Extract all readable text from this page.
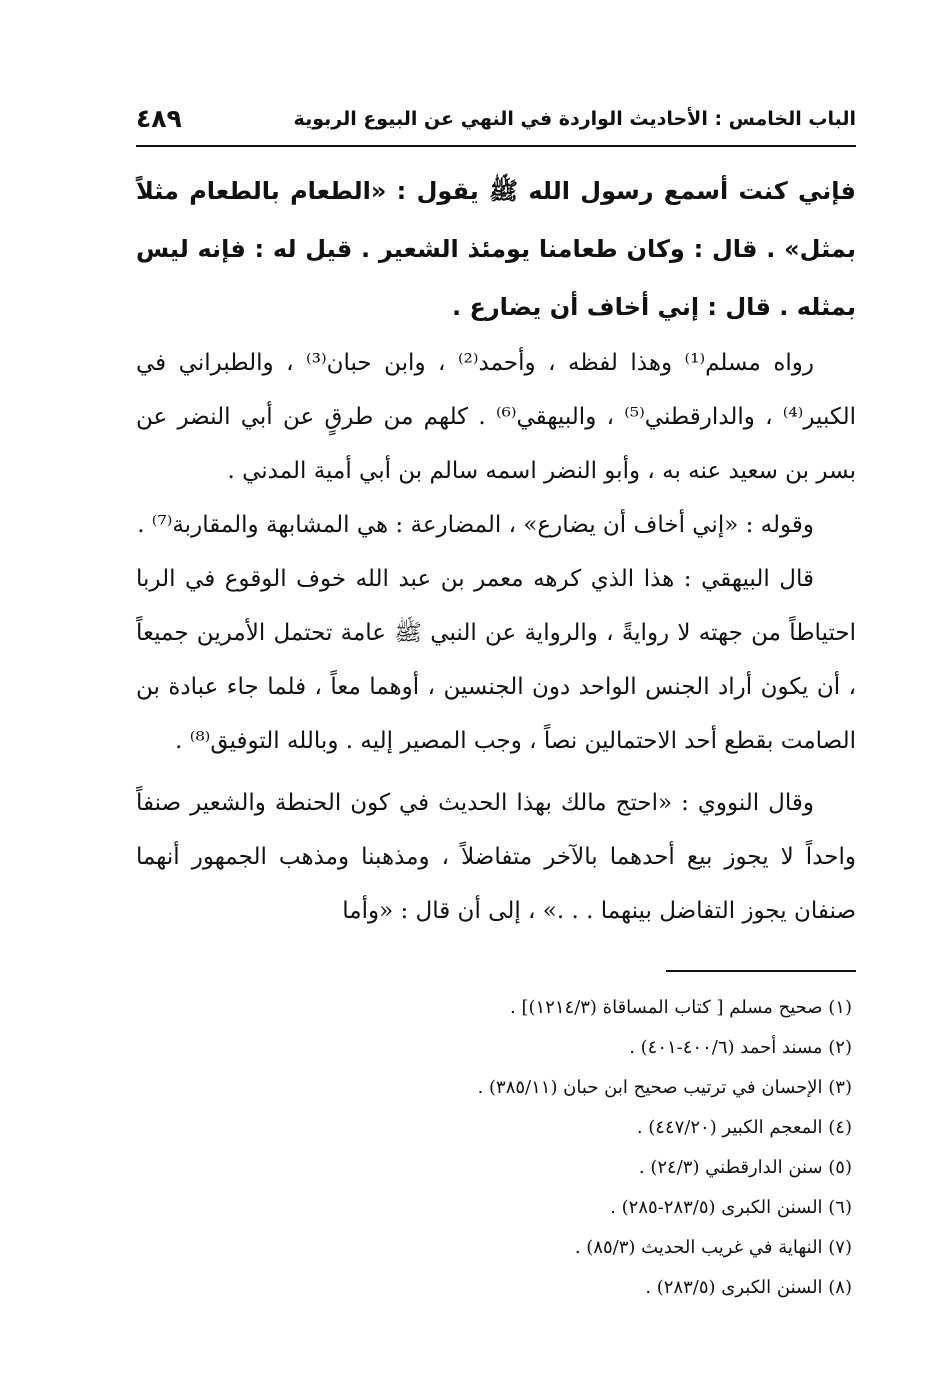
الباب الخامس : الأحاديث الواردة في النهي عن البيوع الربوية
٤٨٩

فإني كنت أسمع رسول الله ﷺ يقول : «الطعام بالطعام مثلاً بمثل» . قال : وكان طعامنا يومئذ الشعير . قيل له : فإنه ليس بمثله . قال : إني أخاف أن يضارع .

رواه مسلم⁽¹⁾ وهذا لفظه ، وأحمد⁽²⁾ ، وابن حبان⁽³⁾ ، والطبراني في الكبير⁽⁴⁾ ، والدارقطني⁽⁵⁾ ، والبيهقي⁽⁶⁾ . كلهم من طرقٍ عن أبي النضر عن بسر بن سعيد عنه به ، وأبو النضر اسمه سالم بن أبي أمية المدني .

وقوله : «إني أخاف أن يضارع» ، المضارعة : هي المشابهة والمقاربة⁽⁷⁾ .

قال البيهقي : هذا الذي كرهه معمر بن عبد الله خوف الوقوع في الربا احتياطاً من جهته لا روايةً ، والرواية عن النبي ﷺ عامة تحتمل الأمرين جميعاً ، أن يكون أراد الجنس الواحد دون الجنسين ، أوهما معاً ، فلما جاء عبادة بن الصامت بقطع أحد الاحتمالين نصاً ، وجب المصير إليه . وبالله التوفيق⁽⁸⁾ .

وقال النووي : «احتج مالك بهذا الحديث في كون الحنطة والشعير صنفاً واحداً لا يجوز بيع أحدهما بالآخر متفاضلاً ، ومذهبنا ومذهب الجمهور أنهما صنفان يجوز التفاضل بينهما . . .» ، إلى أن قال : «وأما

(١) صحيح مسلم [ كتاب المساقاة (١٢١٤/٣)] .
(٢) مسند أحمد (٤٠٠/٦-٤٠١) .
(٣) الإحسان في ترتيب صحيح ابن حبان (٣٨٥/١١) .
(٤) المعجم الكبير (٤٤٧/٢٠) .
(٥) سنن الدارقطني (٢٤/٣) .
(٦) السنن الكبرى (٢٨٣/٥-٢٨٥) .
(٧) النهاية في غريب الحديث (٨٥/٣) .
(٨) السنن الكبرى (٢٨٣/٥) .
